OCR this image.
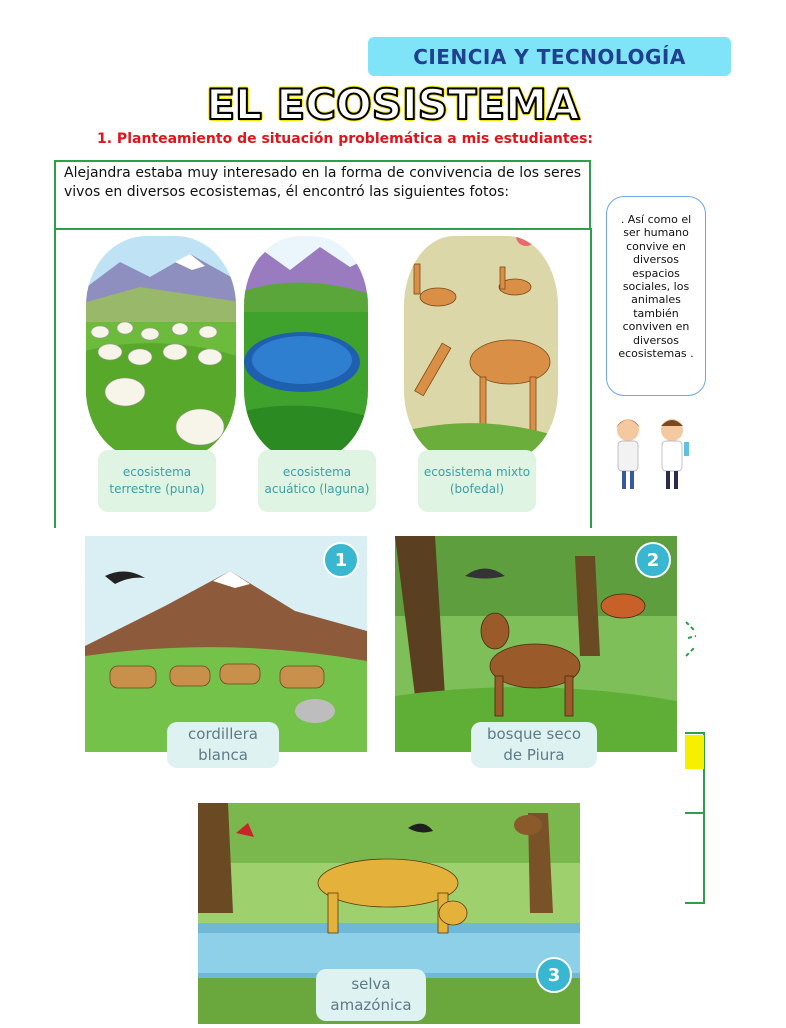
CIENCIA Y TECNOLOGÍA
EL ECOSISTEMA
1. Planteamiento de situación problemática a mis estudiantes:
Alejandra estaba muy interesado en la forma de convivencia de los seres vivos en diversos ecosistemas, él encontró las siguientes fotos:
ecosistema
terrestre (puna)
ecosistema
acuático (laguna)
ecosistema mixto
(bofedal)
. Así como el ser humano convive en diversos espacios sociales, los animales también conviven en diversos ecosistemas .
1
cordillera
blanca
2
bosque seco
de Piura
3
selva
amazónica
